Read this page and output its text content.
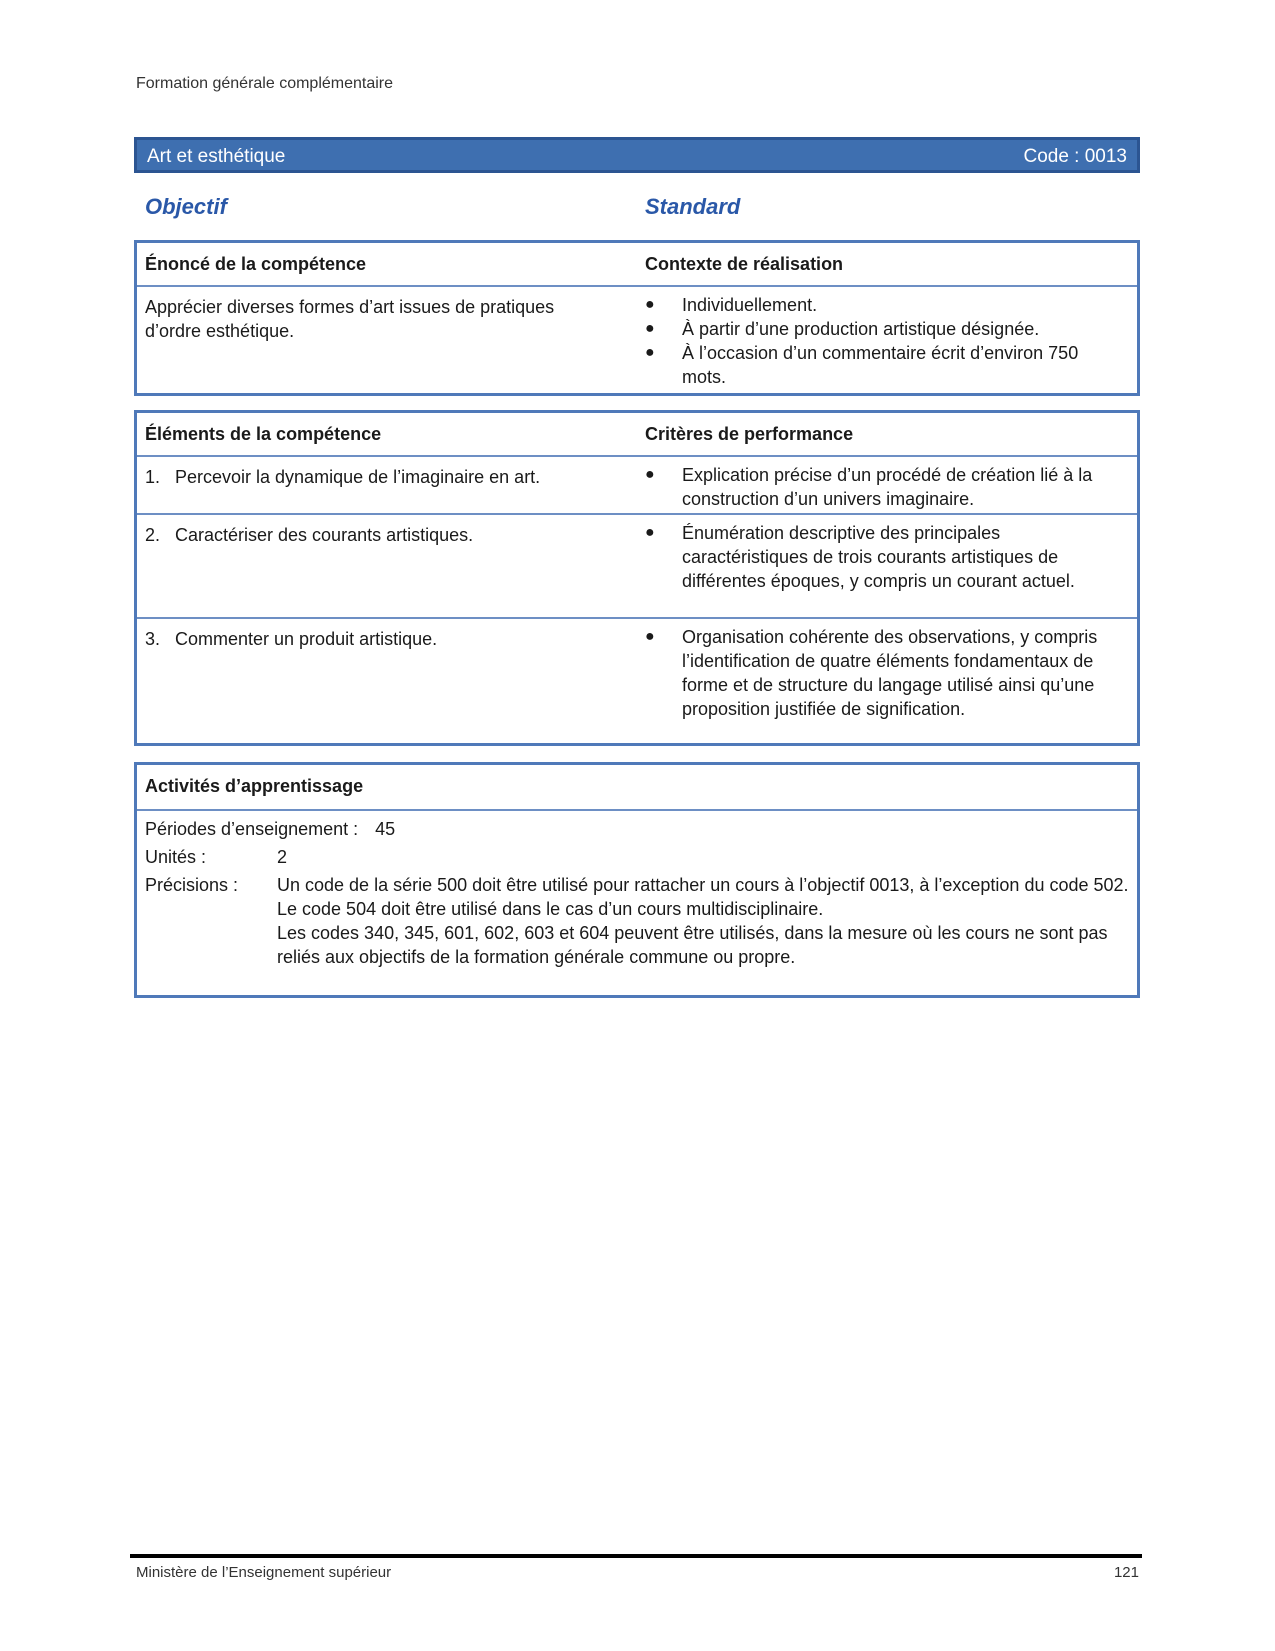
Formation générale complémentaire
Art et esthétique	Code : 0013
Objectif	Standard
Énoncé de la compétence	Contexte de réalisation
Apprécier diverses formes d’art issues de pratiques d’ordre esthétique.
● Individuellement.
● À partir d’une production artistique désignée.
● À l’occasion d’un commentaire écrit d’environ 750 mots.
Éléments de la compétence	Critères de performance
1. Percevoir la dynamique de l’imaginaire en art.	● Explication précise d’un procédé de création lié à la construction d’un univers imaginaire.
2. Caractériser des courants artistiques.	● Énumération descriptive des principales caractéristiques de trois courants artistiques de différentes époques, y compris un courant actuel.
3. Commenter un produit artistique.	● Organisation cohérente des observations, y compris l’identification de quatre éléments fondamentaux de forme et de structure du langage utilisé ainsi qu’une proposition justifiée de signification.
Activités d’apprentissage
Périodes d’enseignement : 45
Unités :	2
Précisions : Un code de la série 500 doit être utilisé pour rattacher un cours à l’objectif 0013, à l’exception du code 502.
Le code 504 doit être utilisé dans le cas d’un cours multidisciplinaire.
Les codes 340, 345, 601, 602, 603 et 604 peuvent être utilisés, dans la mesure où les cours ne sont pas reliés aux objectifs de la formation générale commune ou propre.
Ministère de l’Enseignement supérieur	121
